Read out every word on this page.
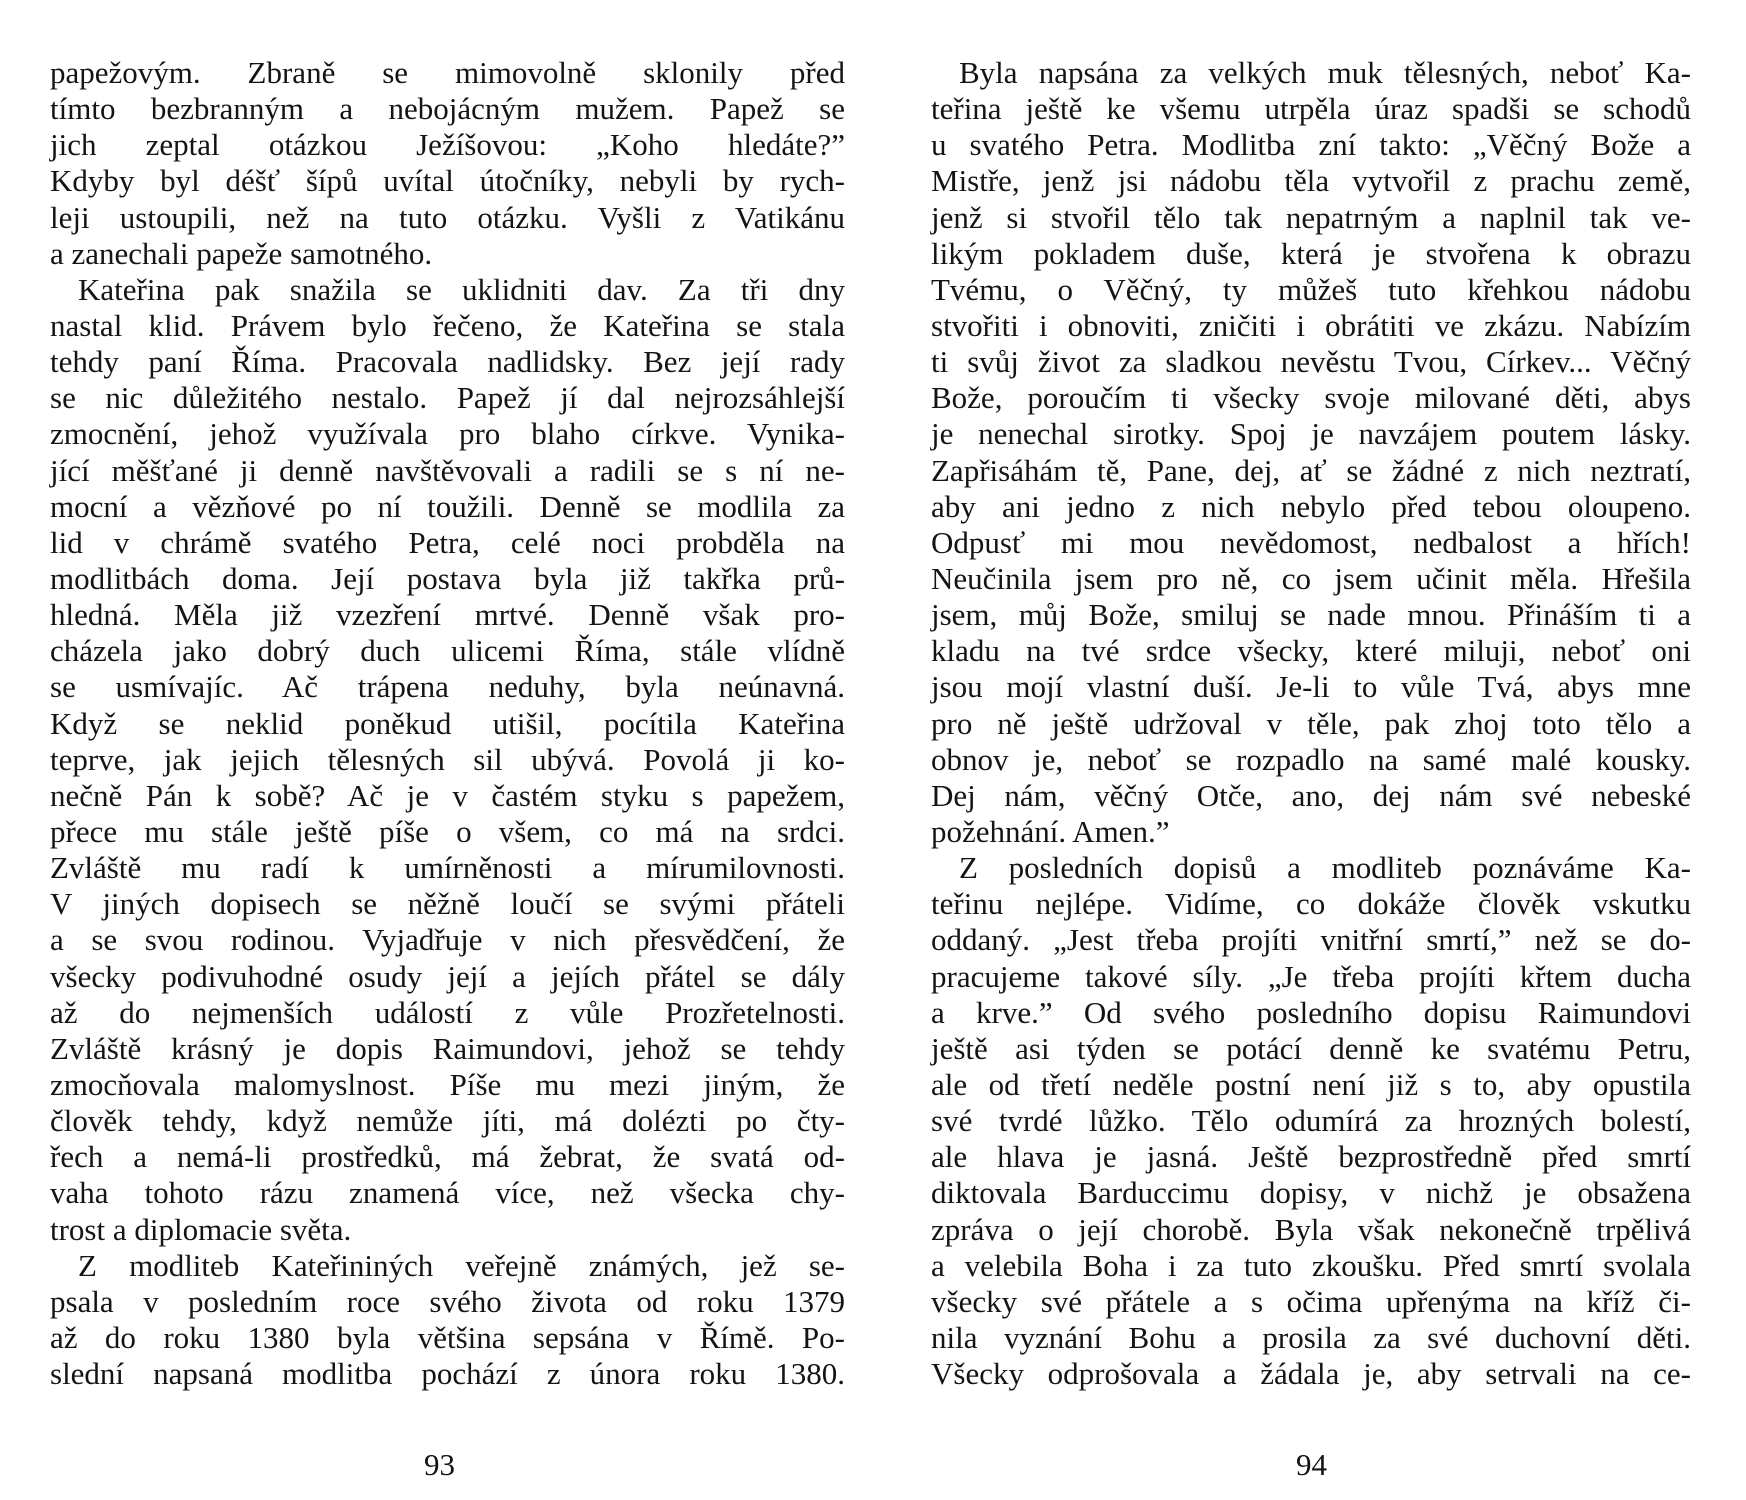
papežovým. Zbraně se mimovolně sklonily před
tímto bezbranným a nebojácným mužem. Papež se
jich zeptal otázkou Ježíšovou: „Koho hledáte?”
Kdyby byl déšť šípů uvítal útočníky, nebyli by rych-
leji ustoupili, než na tuto otázku. Vyšli z Vatikánu
a zanechali papeže samotného.
Kateřina pak snažila se uklidniti dav. Za tři dny
nastal klid. Právem bylo řečeno, že Kateřina se stala
tehdy paní Říma. Pracovala nadlidsky. Bez její rady
se nic důležitého nestalo. Papež jí dal nejrozsáhlejší
zmocnění, jehož využívala pro blaho církve. Vynika-
jící měšťané ji denně navštěvovali a radili se s ní ne-
mocní a vězňové po ní toužili. Denně se modlila za
lid v chrámě svatého Petra, celé noci probděla na
modlitbách doma. Její postava byla již takřka prů-
hledná. Měla již vzezření mrtvé. Denně však pro-
cházela jako dobrý duch ulicemi Říma, stále vlídně
se usmívajíc. Ač trápena neduhy, byla neúnavná.
Když se neklid poněkud utišil, pocítila Kateřina
teprve, jak jejich tělesných sil ubývá. Povolá ji ko-
nečně Pán k sobě? Ač je v častém styku s papežem,
přece mu stále ještě píše o všem, co má na srdci.
Zvláště mu radí k umírněnosti a mírumilovnosti.
V jiných dopisech se něžně loučí se svými přáteli
a se svou rodinou. Vyjadřuje v nich přesvědčení, že
všecky podivuhodné osudy její a jejích přátel se dály
až do nejmenších událostí z vůle Prozřetelnosti.
Zvláště krásný je dopis Raimundovi, jehož se tehdy
zmocňovala malomyslnost. Píše mu mezi jiným, že
člověk tehdy, když nemůže jíti, má dolézti po čty-
řech a nemá-li prostředků, má žebrat, že svatá od-
vaha tohoto rázu znamená více, než všecka chy-
trost a diplomacie světa.
Z modlitеb Kateřininých veřejně známých, jež se-
psala v posledním roce svého života od roku 1379
až do roku 1380 byla většina sepsána v Římě. Po-
slední napsaná modlitba pochází z února roku 1380.
Byla napsána za velkých muk tělesných, neboť Ka-
teřina ještě ke všemu utrpěla úraz spadši se schodů
u svatého Petra. Modlitba zní takto: „Věčný Bože a
Mistře, jenž jsi nádobu těla vytvořil z prachu země,
jenž si stvořil tělo tak nepatrným a naplnil tak ve-
likým pokladem duše, která je stvořena k obrazu
Tvému, o Věčný, ty můžeš tuto křehkou nádobu
stvořiti i obnoviti, zničiti i obrátiti ve zkázu. Nabízím
ti svůj život za sladkou nevěstu Tvou, Církev... Věčný
Bože, poroučím ti všecky svoje milované děti, abys
je nenechal sirotky. Spoj je navzájem poutem lásky.
Zapřisáhám tě, Pane, dej, ať se žádné z nich neztratí,
aby ani jedno z nich nebylo před tebou oloupeno.
Odpusť mi mou nevědomost, nedbalost a hřích!
Neučinila jsem pro ně, co jsem učinit měla. Hřešila
jsem, můj Bože, smiluj se nade mnou. Přináším ti a
kladu na tvé srdce všecky, které miluji, neboť oni
jsou mojí vlastní duší. Je-li to vůle Tvá, abys mne
pro ně ještě udržoval v těle, pak zhoj toto tělo a
obnov je, neboť se rozpadlo na samé malé kousky.
Dej nám, věčný Otče, ano, dej nám své nebeské
požehnání. Amen.”
Z posledních dopisů a modliteb poznáváme Ka-
teřinu nejlépe. Vidíme, co dokáže člověk vskutku
oddaný. „Jest třeba projíti vnitřní smrtí,” než se do-
pracujeme takové síly. „Je třeba projíti křtem ducha
a krve.” Od svého posledního dopisu Raimundovi
ještě asi týden se potácí denně ke svatému Petru,
ale od třetí neděle postní není již s to, aby opustila
své tvrdé lůžko. Tělo odumírá za hrozných bolestí,
ale hlava je jasná. Ještě bezprostředně před smrtí
diktovala Barduccimu dopisy, v nichž je obsažena
zpráva o její chorobě. Byla však nekonečně trpělivá
a velebila Boha i za tuto zkoušku. Před smrtí svolala
všecky své přátele a s očima upřenýma na kříž či-
nila vyznání Bohu a prosila za své duchovní děti.
Všecky odprošovala a žádala je, aby setrvali na ce-
93	94
